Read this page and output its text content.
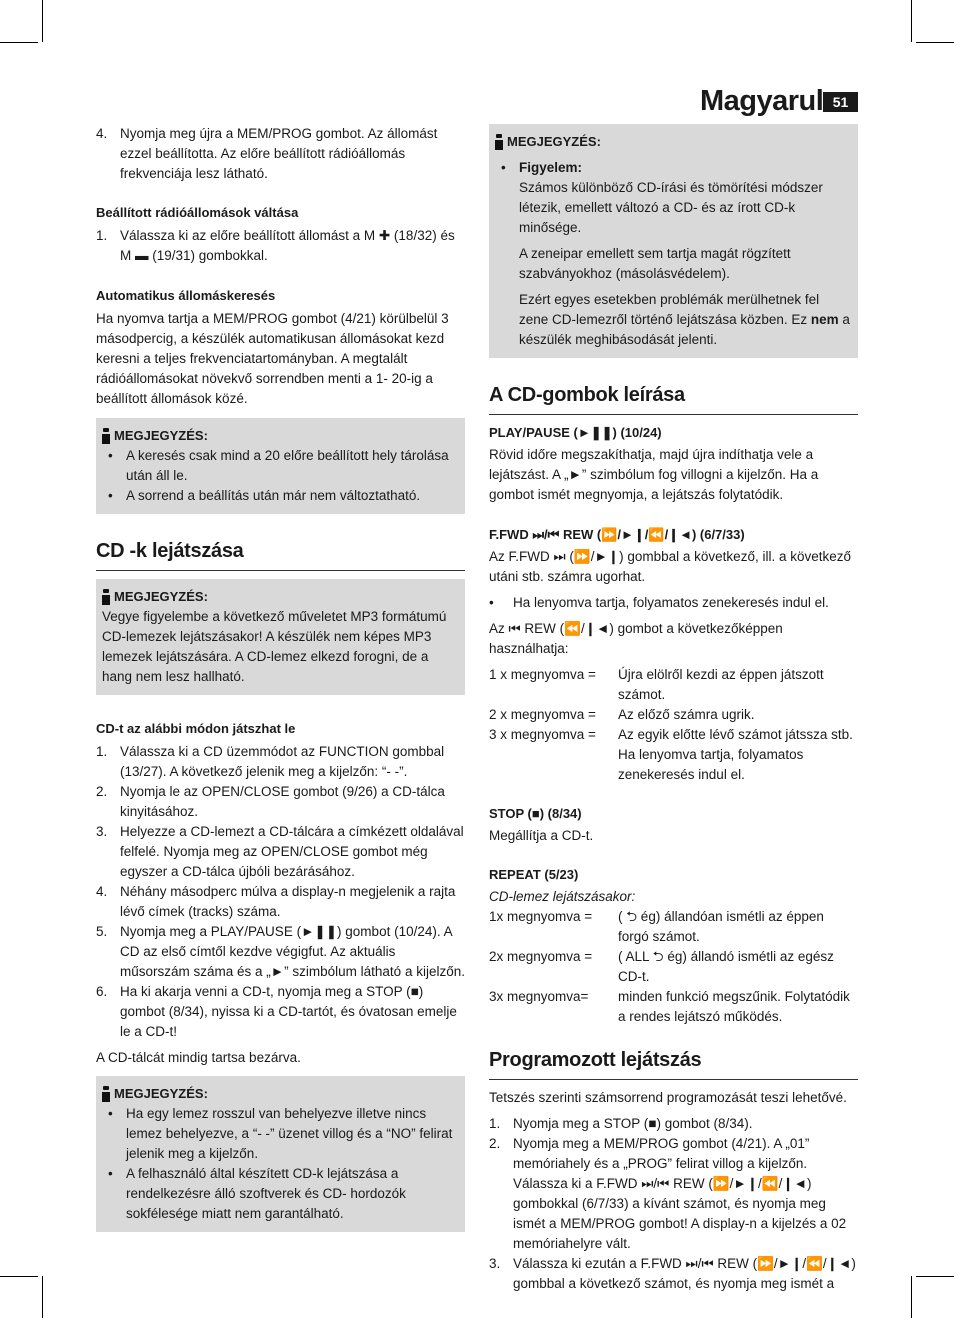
Magyarul 51
4. Nyomja meg újra a MEM/PROG gombot. Az állomást ezzel beállította. Az előre beállított rádióállomás frekvenciája lesz látható.

Beállított rádióállomások váltása

1. Válassza ki az előre beállított állomást a M ✚ (18/32) és M ▬ (19/31) gombokkal.

Automatikus állomáskeresés

Ha nyomva tartja a MEM/PROG gombot (4/21) körülbelül 3 másodpercig, a készülék automatikusan állomásokat kezd keresni a teljes frekvenciatartományban. A megtalált rádióállomásokat növekvő sorrendben menti a 1- 20-ig a beállított állomások közé.

MEGJEGYZÉS:
• A keresés csak mind a 20 előre beállított hely tárolása után áll le.
• A sorrend a beállítás után már nem változtatható.
CD -k lejátszása
MEGJEGYZÉS:

Vegye figyelembe a következő műveletet MP3 formátumú CD-lemezek lejátszásakor! A készülék nem képes MP3 lemezek lejátszására. A CD-lemez elkezd forogni, de a hang nem lesz hallható.

CD-t az alábbi módon játszhat le

1. Válassza ki a CD üzemmódot az FUNCTION gombbal (13/27). A következő jelenik meg a kijelzőn: “- -”.
2. Nyomja le az OPEN/CLOSE gombot (9/26) a CD-tálca kinyitásához.
3. Helyezze a CD-lemezt a CD-tálcára a címkézett oldalával felfelé. Nyomja meg az OPEN/CLOSE gombot még egyszer a CD-tálca újbóli bezárásához.
4. Néhány másodperc múlva a display-n megjelenik a rajta lévő címek (tracks) száma.
5. Nyomja meg a PLAY/PAUSE (►❚❚) gombot (10/24). A CD az első címtől kezdve végigfut. Az aktuális műsorszám száma és a „►” szimbólum látható a kijelzőn.
6. Ha ki akarja venni a CD-t, nyomja meg a STOP (■) gombot (8/34), nyissa ki a CD-tartót, és óvatosan emelje le a CD-t!

A CD-tálcát mindig tartsa bezárva.

MEGJEGYZÉS:
• Ha egy lemez rosszul van behelyezve illetve nincs lemez behelyezve, a “- -” üzenet villog és a “NO” felirat jelenik meg a kijelzőn.
• A felhasználó által készített CD-k lejátszása a rendelkezésre álló szoftverek és CD- hordozók sokfélesége miatt nem garantálható.
MEGJEGYZÉS:
• Figyelem:

Számos különböző CD-írási és tömörítési módszer létezik, emellett változó a CD- és az írott CD-k minősége.

A zeneipar emellett sem tartja magát rögzített szabványokhoz (másolásvédelem).

Ezért egyes esetekben problémák merülhetnek fel zene CD-lemezről történő lejátszása közben. Ez nem a készülék meghibásodását jelenti.

A CD-gombok leírása

PLAY/PAUSE (►❚❚) (10/24)

Rövid időre megszakíthatja, majd újra indíthatja vele a lejátszást. A „►” szimbólum fog villogni a kijelzőn. Ha a gombot ismét megnyomja, a lejátszás folytatódik.

F.FWD ⏭/⏮ REW (⏩/►❙/⏪/❙◄) (6/7/33)

Az F.FWD ⏭ (⏩/►❙) gombbal a következő, ill. a következő utáni stb. számra ugorhat.

•	Ha lenyomva tartja, folyamatos zenekeresés indul el.

Az ⏮ REW (⏪/❙◄) gombot a következőképpen használhatja:

1 x megnyomva =	Újra elölről kezdi az éppen játszott számot.
2 x megnyomva =	Az előző számra ugrik.
3 x megnyomva =	Az egyik előtte lévő számot játssza stb. Ha lenyomva tartja, folyamatos zenekeresés indul el.

STOP (■) (8/34)

Megállítja a CD-t.

REPEAT (5/23)

CD-lemez lejátszásakor:

1x megnyomva =	( ⮌ ég) állandóan ismétli az éppen forgó számot.
2x megnyomva =	( ALL ⮌ ég) állandó ismétli az egész CD-t.
3x megnyomva=	minden funkció megszűnik. Folytatódik a rendes lejátszó működés.
Programozott lejátszás

Tetszés szerinti számsorrend programozását teszi lehetővé.

1. Nyomja meg a STOP (■) gombot (8/34).
2. Nyomja meg a MEM/PROG gombot (4/21). A „01” memóriahely és a „PROG” felirat villog a kijelzőn. Válassza ki a F.FWD ⏭/⏮ REW (⏩/►❙/⏪/❙◄) gombokkal (6/7/33) a kívánt számot, és nyomja meg ismét a MEM/PROG gombot! A display-n a kijelzés a 02 memóriahelyre vált.
3. Válassza ki ezután a F.FWD ⏭/⏮ REW (⏩/►❙/⏪/❙◄) gombbal a következő számot, és nyomja meg ismét a
